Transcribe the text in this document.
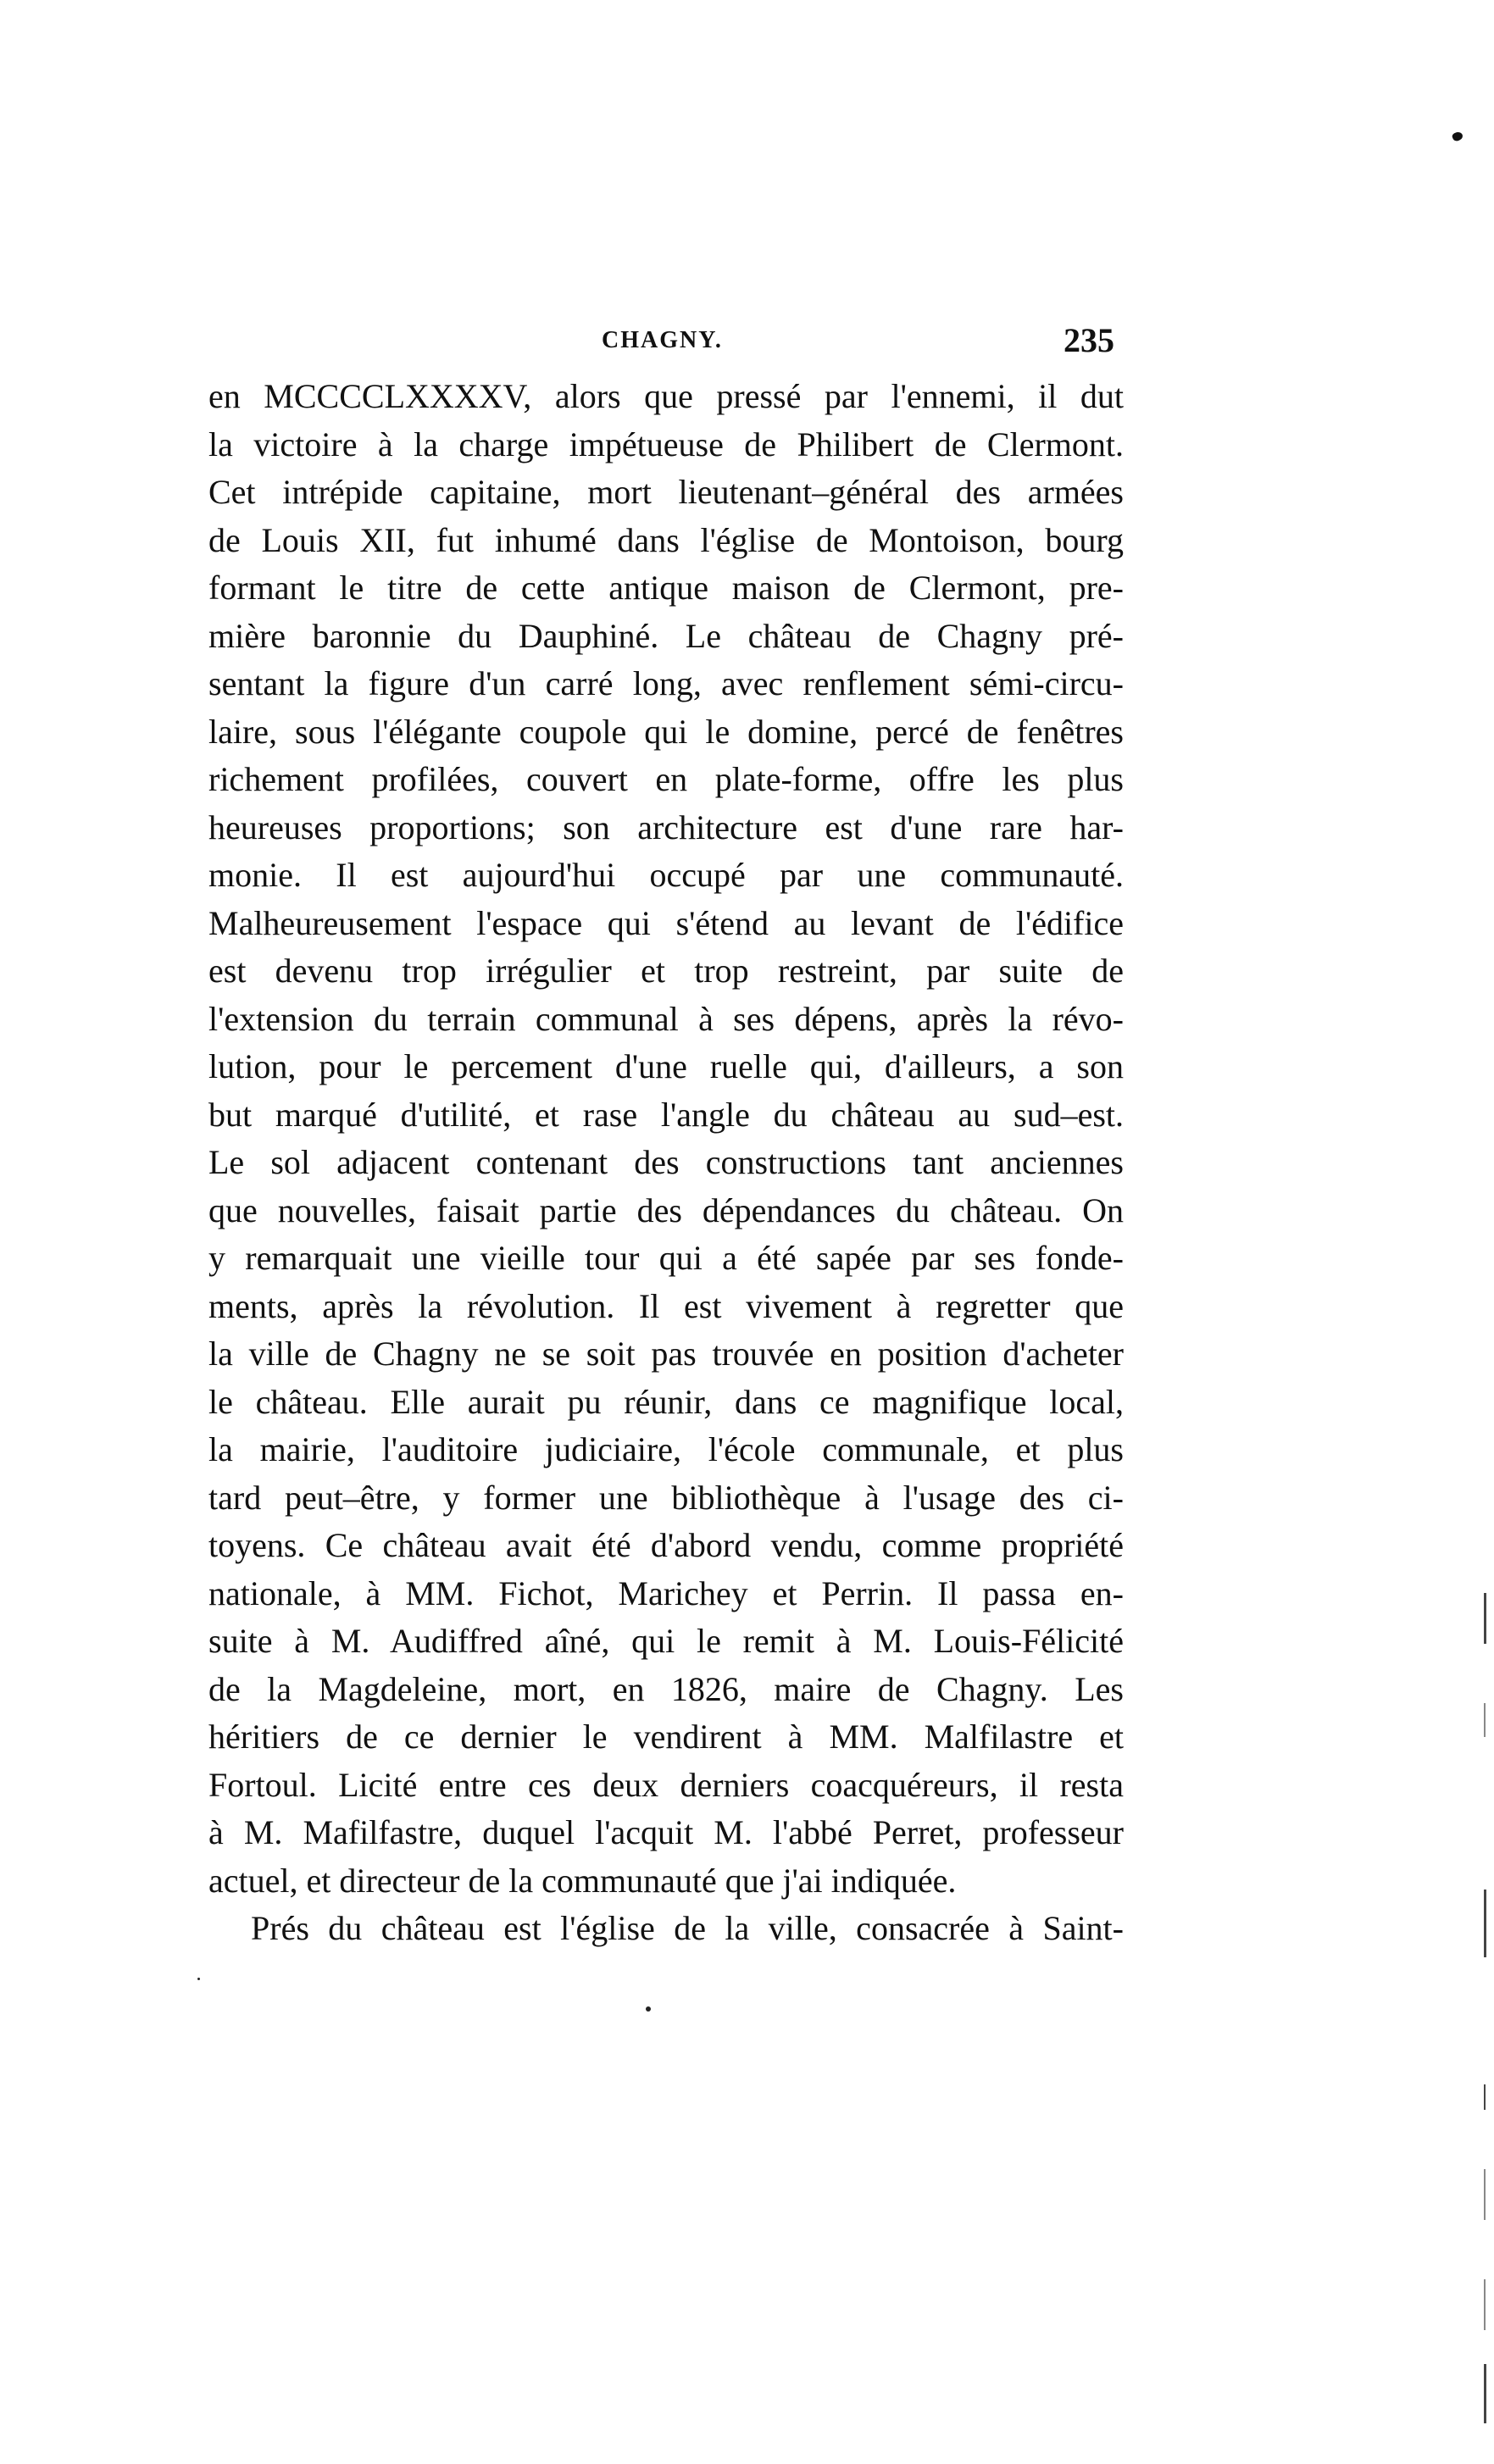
CHAGNY.	235
en MCCCCLXXXXV, alors que pressé par l'ennemi, il dut
la victoire à la charge impétueuse de Philibert de Clermont.
Cet intrépide capitaine, mort lieutenant–général des armées
de Louis XII, fut inhumé dans l'église de Montoison, bourg
formant le titre de cette antique maison de Clermont, pre-
mière baronnie du Dauphiné. Le château de Chagny pré-
sentant la figure d'un carré long, avec renflement sémi-circu-
laire, sous l'élégante coupole qui le domine, percé de fenêtres
richement profilées, couvert en plate-forme, offre les plus
heureuses proportions; son architecture est d'une rare har-
monie. Il est aujourd'hui occupé par une communauté.
Malheureusement l'espace qui s'étend au levant de l'édifice
est devenu trop irrégulier et trop restreint, par suite de
l'extension du terrain communal à ses dépens, après la révo-
lution, pour le percement d'une ruelle qui, d'ailleurs, a son
but marqué d'utilité, et rase l'angle du château au sud–est.
Le sol adjacent contenant des constructions tant anciennes
que nouvelles, faisait partie des dépendances du château. On
y remarquait une vieille tour qui a été sapée par ses fonde-
ments, après la révolution. Il est vivement à regretter que
la ville de Chagny ne se soit pas trouvée en position d'acheter
le château. Elle aurait pu réunir, dans ce magnifique local,
la mairie, l'auditoire judiciaire, l'école communale, et plus
tard peut–être, y former une bibliothèque à l'usage des ci-
toyens. Ce château avait été d'abord vendu, comme propriété
nationale, à MM. Fichot, Marichey et Perrin. Il passa en-
suite à M. Audiffred aîné, qui le remit à M. Louis-Félicité
de la Magdeleine, mort, en 1826, maire de Chagny. Les
héritiers de ce dernier le vendirent à MM. Malfilastre et
Fortoul. Licité entre ces deux derniers coacquéreurs, il resta
à M. Mafilfastre, duquel l'acquit M. l'abbé Perret, professeur
actuel, et directeur de la communauté que j'ai indiquée.
Prés du château est l'église de la ville, consacrée à Saint-
